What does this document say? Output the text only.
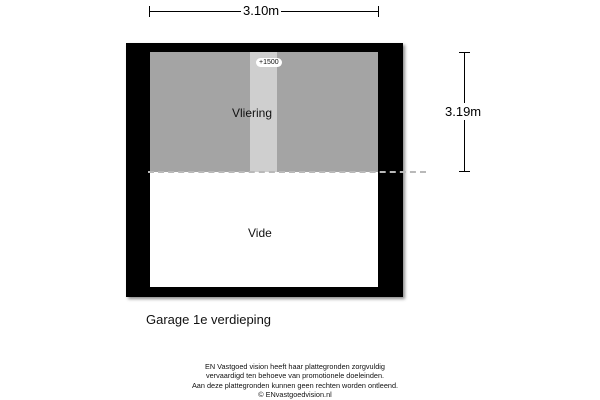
3.10m
3.19m
+1500
Vliering
Vide
Garage 1e verdieping
EN Vastgoed vision heeft haar plattegronden zorgvuldig
vervaardigd ten behoeve van promotionele doeleinden.
Aan deze plattegronden kunnen geen rechten worden ontleend.
© ENvastgoedvision.nl
